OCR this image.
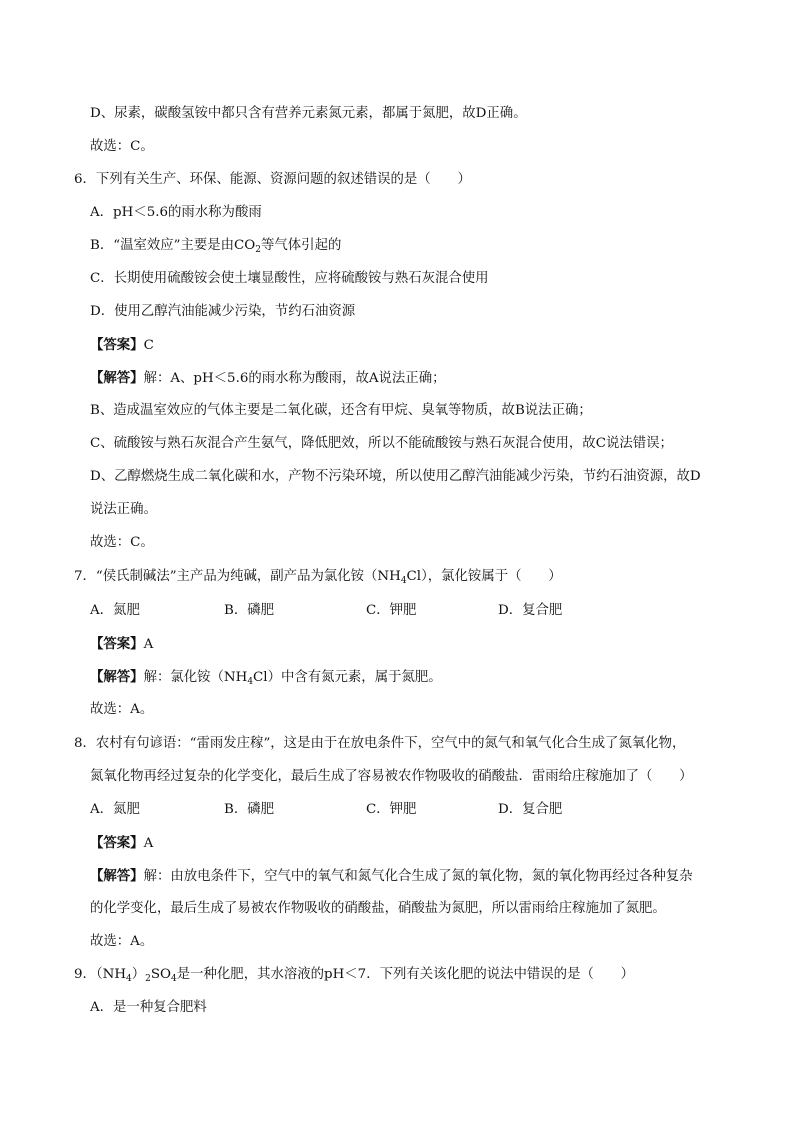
D、尿素，碳酸氢铵中都只含有营养元素氮元素，都属于氮肥，故D正确。
故选：C。
6．下列有关生产、环保、能源、资源问题的叙述错误的是（　　）
A．pH＜5.6的雨水称为酸雨
B．“温室效应”主要是由$CO_2$等气体引起的
C．长期使用硫酸铵会使土壤显酸性，应将硫酸铵与熟石灰混合使用
D．使用乙醇汽油能减少污染，节约石油资源
【答案】C
【解答】解：A、pH＜5.6的雨水称为酸雨，故A说法正确；
B、造成温室效应的气体主要是二氧化碳，还含有甲烷、臭氧等物质，故B说法正确；
C、硫酸铵与熟石灰混合产生氨气，降低肥效，所以不能硫酸铵与熟石灰混合使用，故C说法错误；
D、乙醇燃烧生成二氧化碳和水，产物不污染环境，所以使用乙醇汽油能减少污染，节约石油资源，故D
说法正确。
故选：C。
7．“侯氏制碱法”主产品为纯碱，副产品为氯化铵$(NH_4Cl)$，氯化铵属于（　　）
A．氮肥	B．磷肥	C．钾肥	D．复合肥
【答案】A
【解答】解：氯化铵$(NH_4Cl)$中含有氮元素，属于氮肥。
故选：A。
8．农村有句谚语：“雷雨发庄稼”，这是由于在放电条件下，空气中的氮气和氧气化合生成了氮氧化物，
氮氧化物再经过复杂的化学变化，最后生成了容易被农作物吸收的硝酸盐．雷雨给庄稼施加了（　　）
A．氮肥	B．磷肥	C．钾肥	D．复合肥
【答案】A
【解答】解：由放电条件下，空气中的氧气和氮气化合生成了氮的氧化物，氮的氧化物再经过各种复杂
的化学变化，最后生成了易被农作物吸收的硝酸盐，硝酸盐为氮肥，所以雷雨给庄稼施加了氮肥。
故选：A。
9．$(NH_4)_2SO_4$是一种化肥，其水溶液的pH＜7．下列有关该化肥的说法中错误的是（　　）
A．是一种复合肥料
